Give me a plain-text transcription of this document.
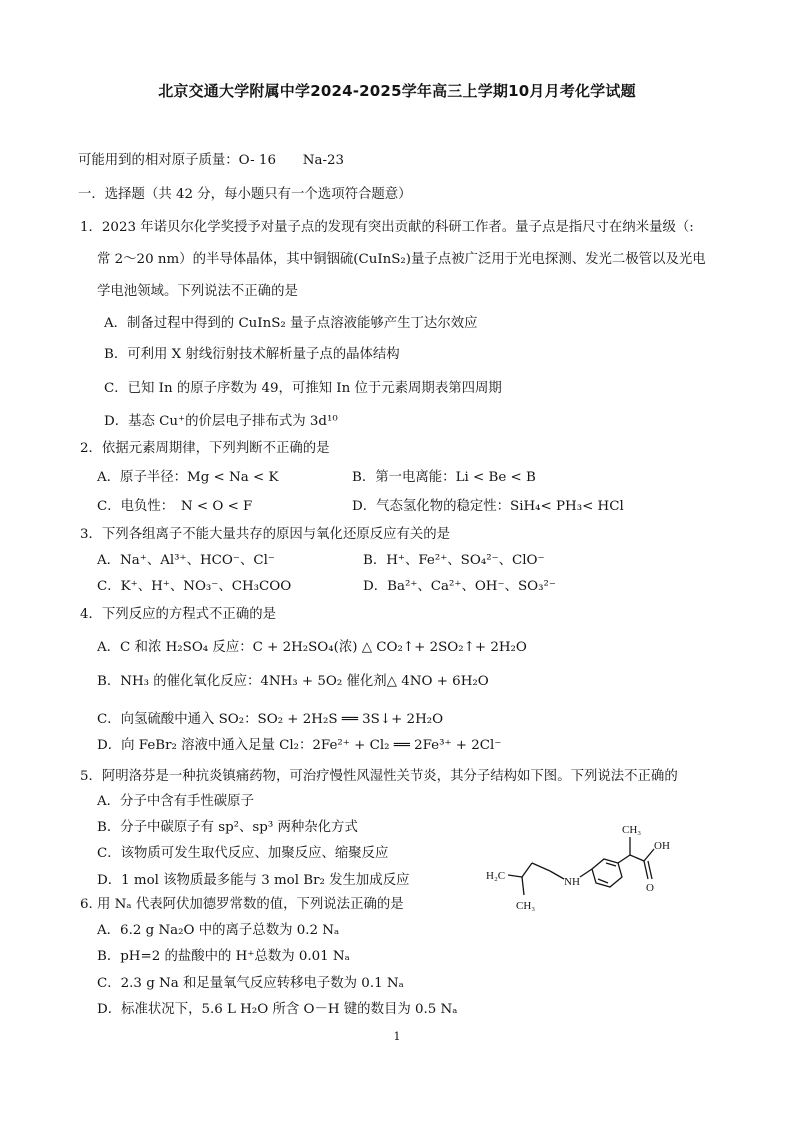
北京交通大学附属中学2024-2025学年高三上学期10月月考化学试题
可能用到的相对原子质量：O- 16　　Na-23
一．选择题（共 42 分，每小题只有一个选项符合题意）
1．2023 年诺贝尔化学奖授予对量子点的发现有突出贡献的科研工作者。量子点是指尺寸在纳米量级（:
常 2～20 nm）的半导体晶体，其中铜铟硫(CuInS₂)量子点被广泛用于光电探测、发光二极管以及光电
学电池领域。下列说法不正确的是
A．制备过程中得到的 CuInS₂ 量子点溶液能够产生丁达尔效应
B．可利用 X 射线衍射技术解析量子点的晶体结构
C．已知 In 的原子序数为 49，可推知 In 位于元素周期表第四周期
D．基态 Cu⁺的价层电子排布式为 3d¹⁰
2．依据元素周期律，下列判断不正确的是
A．原子半径：Mg < Na < K	B．第一电离能：Li < Be < B
C．电负性：　N < O < F	D．气态氢化物的稳定性：SiH₄< PH₃< HCl
3．下列各组离子不能大量共存的原因与氧化还原反应有关的是
A．Na⁺、Al³⁺、HCO⁻、Cl⁻	B．H⁺、Fe²⁺、SO₄²⁻、ClO⁻
C．K⁺、H⁺、NO₃⁻、CH₃COO	D．Ba²⁺、Ca²⁺、OH⁻、SO₃²⁻
4．下列反应的方程式不正确的是
A．C 和浓 H₂SO₄ 反应：C + 2H₂SO₄(浓) △ CO₂↑+ 2SO₂↑+ 2H₂O
B．NH₃ 的催化氧化反应：4NH₃ + 5O₂ 催化剂△ 4NO + 6H₂O
C．向氢硫酸中通入 SO₂：SO₂ + 2H₂S ══ 3S↓+ 2H₂O
D．向 FeBr₂ 溶液中通入足量 Cl₂：2Fe²⁺ + Cl₂ ══ 2Fe³⁺ + 2Cl⁻
5．阿明洛芬是一种抗炎镇痛药物，可治疗慢性风湿性关节炎，其分子结构如下图。下列说法不正确的
A．分子中含有手性碳原子
B．分子中碳原子有 sp²、sp³ 两种杂化方式
C．该物质可发生取代反应、加聚反应、缩聚反应
D．1 mol 该物质最多能与 3 mol Br₂ 发生加成反应
CH₃
OH
H₂C	NH
CH₃
O
6. 用 Nₐ 代表阿伏加德罗常数的值，下列说法正确的是
A．6.2 g Na₂O 中的离子总数为 0.2 Nₐ
B．pH=2 的盐酸中的 H⁺总数为 0.01 Nₐ
C．2.3 g Na 和足量氧气反应转移电子数为 0.1 Nₐ
D．标准状况下，5.6 L H₂O 所含 O－H 键的数目为 0.5 Nₐ
1
